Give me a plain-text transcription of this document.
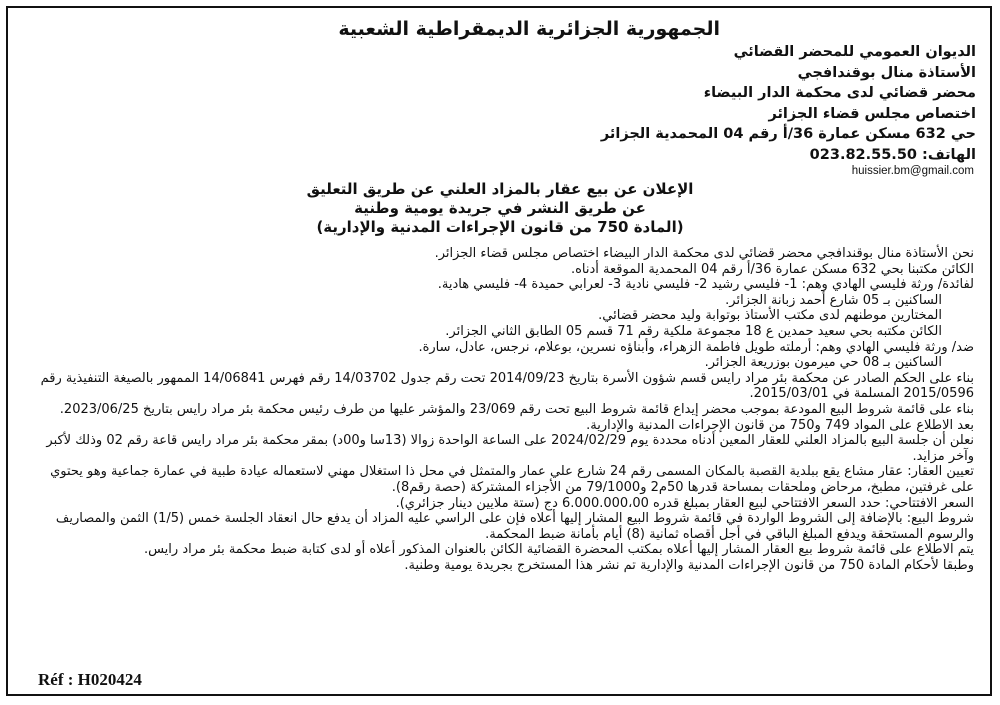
الجمهورية الجزائرية الديمقراطية الشعبية
الديوان العمومي للمحضر القضائي
الأستاذة منال بوقندافجي
محضر قضائي لدى محكمة الدار البيضاء
اختصاص مجلس قضاء الجزائر
حي 632 مسكن عمارة 36/أ رقم 04 المحمدية الجزائر
الهاتف: 023.82.55.50
huissier.bm@gmail.com
الإعلان عن بيع عقار بالمزاد العلني عن طريق التعليق
عن طريق النشر في جريدة يومية وطنية
(المادة 750 من قانون الإجراءات المدنية والإدارية)

نحن الأستاذة منال بوقندافجي محضر قضائي لدى محكمة الدار البيضاء اختصاص مجلس قضاء الجزائر.

الكائن مكتبنا بحي 632 مسكن عمارة 36/أ رقم 04 المحمدية الموقعة أدناه.

لفائدة/ ورثة فليسي الهادي وهم: 1- فليسي رشيد 2- فليسي نادية 3- لعرابي حميدة 4- فليسي هادية.

الساكنين بـ 05 شارع أحمد زبانة الجزائر.

المختارين موطنهم لدى مكتب الأستاذ بوتوابة وليد محضر قضائي.

الكائن مكتبه بحي سعيد حمدين ع 18 مجموعة ملكية رقم 71 قسم 05 الطابق الثاني الجزائر.

ضد/ ورثة فليسي الهادي وهم: أرملته طويل فاطمة الزهراء، وأبناؤه نسرين، بوعلام، نرجس، عادل، سارة.

الساكنين بـ 08 حي ميرمون بوزريعة الجزائر.

بناء على الحكم الصادر عن محكمة بئر مراد رايس قسم شؤون الأسرة بتاريخ 2014/09/23 تحت رقم جدول 14/03702 رقم فهرس 14/06841 الممهور بالصيغة التنفيذية رقم 2015/0596 المسلمة في 2015/03/01.

بناء على قائمة شروط البيع المودعة بموجب محضر إيداع قائمة شروط البيع تحت رقم 23/069 والمؤشر عليها من طرف رئيس محكمة بئر مراد رايس بتاريخ 2023/06/25.

بعد الاطلاع على المواد 749 و750 من قانون الإجراءات المدنية والإدارية.

نعلن أن جلسة البيع بالمزاد العلني للعقار المعين أدناه محددة يوم 2024/02/29 على الساعة الواحدة زوالا (13سا و00د) بمقر محكمة بئر مراد رايس قاعة رقم 02 وذلك لأكبر وآخر مزايد.

تعيين العقار: عقار مشاع يقع ببلدية القصبة بالمكان المسمى رقم 24 شارع علي عمار والمتمثل في محل ذا استغلال مهني لاستعماله عيادة طبية في عمارة جماعية وهو يحتوي على غرفتين، مطبخ، مرحاض وملحقات بمساحة قدرها 50م2 و79/1000 من الأجزاء المشتركة (حصة رقم8).

السعر الافتتاحي: حدد السعر الافتتاحي لبيع العقار بمبلغ قدره 6.000.000،00 دج (ستة ملايين دينار جزائري).

شروط البيع: بالإضافة إلى الشروط الواردة في قائمة شروط البيع المشار إليها أعلاه فإن على الراسي عليه المزاد أن يدفع حال انعقاد الجلسة خمس (1/5) الثمن والمصاريف والرسوم المستحقة ويدفع المبلغ الباقي في أجل أقصاه ثمانية (8) أيام بأمانة ضبط المحكمة.

يتم الاطلاع على قائمة شروط بيع العقار المشار إليها أعلاه بمكتب المحضرة القضائية الكائن بالعنوان المذكور أعلاه أو لدى كتابة ضبط محكمة بئر مراد رايس.

وطبقا لأحكام المادة 750 من قانون الإجراءات المدنية والإدارية تم نشر هذا المستخرج بجريدة يومية وطنية.

Réf : H020424
